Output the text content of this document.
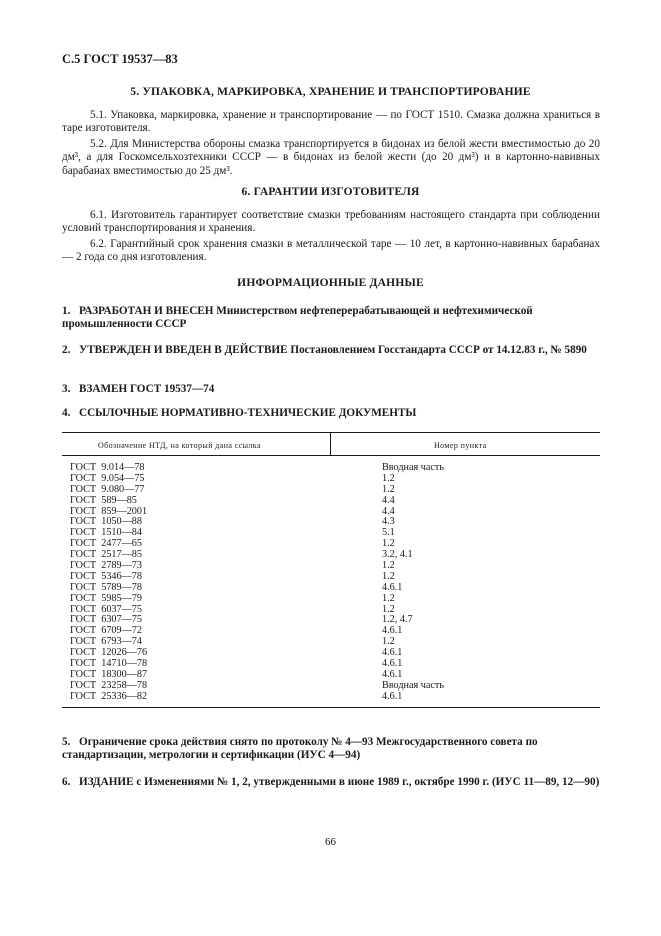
С.5 ГОСТ 19537—83
5. УПАКОВКА, МАРКИРОВКА, ХРАНЕНИЕ И ТРАНСПОРТИРОВАНИЕ
5.1. Упаковка, маркировка, хранение и транспортирование — по ГОСТ 1510. Смазка должна храниться в таре изготовителя.
5.2. Для Министерства обороны смазка транспортируется в бидонах из белой жести вместимостью до 20 дм³, а для Госкомсельхозтехники СССР — в бидонах из белой жести (до 20 дм³) и в картонно-навивных барабанах вместимостью до 25 дм³.
6. ГАРАНТИИ ИЗГОТОВИТЕЛЯ
6.1. Изготовитель гарантирует соответствие смазки требованиям настоящего стандарта при соблюдении условий транспортирования и хранения.
6.2. Гарантийный срок хранения смазки в металлической таре — 10 лет, в картонно-навивных барабанах — 2 года со дня изготовления.
ИНФОРМАЦИОННЫЕ ДАННЫЕ
1. РАЗРАБОТАН И ВНЕСЕН Министерством нефтеперерабатывающей и нефтехимической промышленности СССР
2. УТВЕРЖДЕН И ВВЕДЕН В ДЕЙСТВИЕ Постановлением Госстандарта СССР от 14.12.83 г., № 5890
3. ВЗАМЕН ГОСТ 19537—74
4. ССЫЛОЧНЫЕ НОРМАТИВНО-ТЕХНИЧЕСКИЕ ДОКУМЕНТЫ
Обозначение НТД, на который дана ссылка	Номер пункта
ГОСТ  9.014—78	Вводная часть
ГОСТ  9.054—75	1.2
ГОСТ  9.080—77	1.2
ГОСТ  589—85	4.4
ГОСТ  859—2001	4.4
ГОСТ  1050—88	4.3
ГОСТ  1510—84	5.1
ГОСТ  2477—65	1.2
ГОСТ  2517—85	3.2, 4.1
ГОСТ  2789—73	1.2
ГОСТ  5346—78	1.2
ГОСТ  5789—78	4.6.1
ГОСТ  5985—79	1.2
ГОСТ  6037—75	1.2
ГОСТ  6307—75	1.2, 4.7
ГОСТ  6709—72	4.6.1
ГОСТ  6793—74	1.2
ГОСТ  12026—76	4.6.1
ГОСТ  14710—78	4.6.1
ГОСТ  18300—87	4.6.1
ГОСТ  23258—78	Вводная часть
ГОСТ  25336—82	4.6.1
5. Ограничение срока действия снято по протоколу № 4—93 Межгосударственного совета по стандартизации, метрологии и сертификации (ИУС 4—94)
6. ИЗДАНИЕ с Изменениями № 1, 2, утвержденными в июне 1989 г., октябре 1990 г. (ИУС 11—89, 12—90)
66
